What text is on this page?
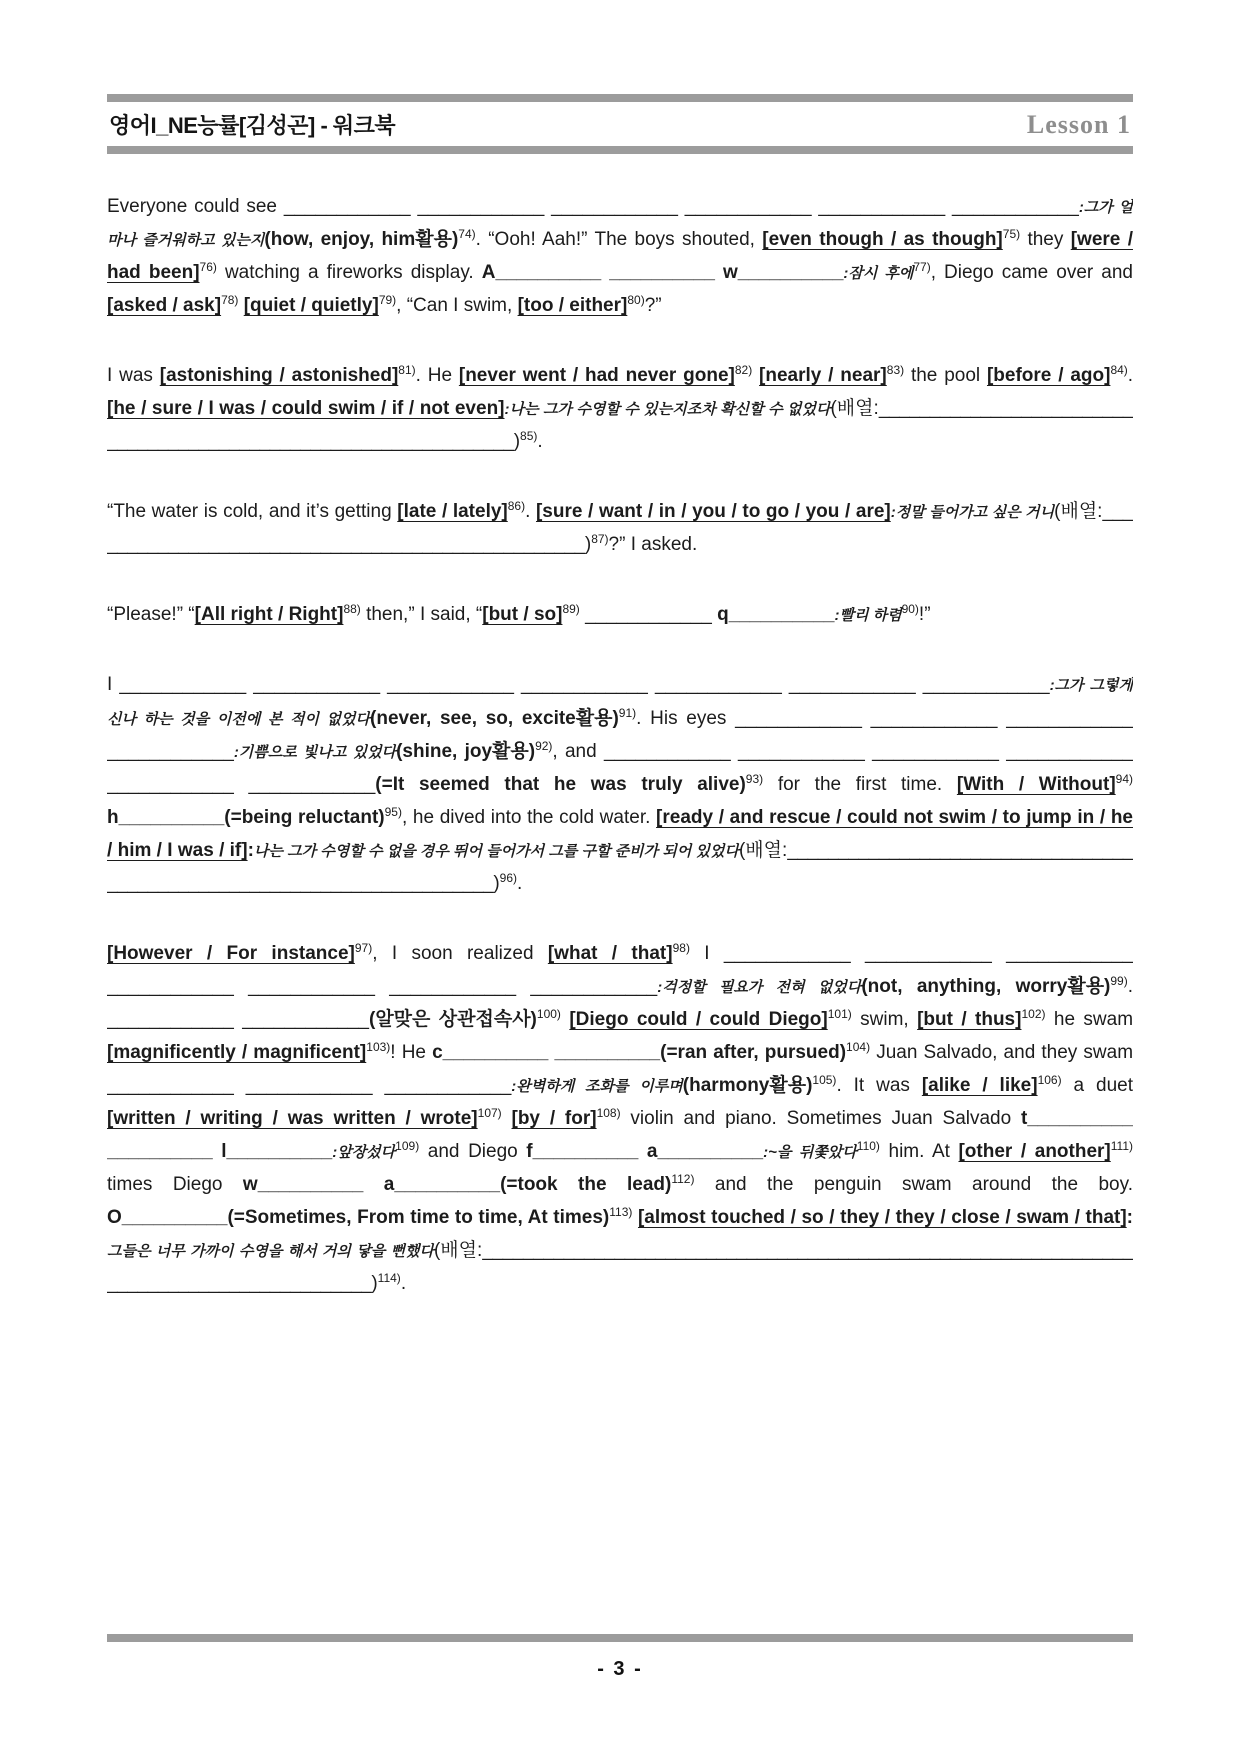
영어I_NE능률[김성곤] - 워크북	Lesson 1

Everyone could see ____________ ____________ ____________ ____________ ____________ ____________:그가 얼마나 즐거워하고 있는지(how, enjoy, him활용)$^{74)}$. “Ooh! Aah!” The boys shouted, [even though / as though]$^{75)}$ they [were / had been]$^{76)}$ watching a fireworks display. A__________ __________ w__________:잠시 후에$^{77)}$, Diego came over and [asked / ask]$^{78)}$ [quiet / quietly]$^{79)}$, “Can I swim, [too / either]$^{80)}$?”

I was [astonishing / astonished]$^{81)}$. He [never went / had never gone]$^{82)}$ [nearly / near]$^{83)}$ the pool [before / ago]$^{84)}$. [he / sure / I was / could swim / if / not even]:나는 그가 수영할 수 있는지조차 확신할 수 없었다(배열:_________________________________________________________________)$^{85)}$.

“The water is cold, and it’s getting [late / lately]$^{86)}$. [sure / want / in / you / to go / you / are]:정말 들어가고 싶은 거니(배열:__________________________________________________)$^{87)}$?” I asked.

“Please!” “[All right / Right]$^{88)}$ then,” I said, “[but / so]$^{89)}$ ____________ q__________:빨리 하렴$^{90)}$!”

I ____________ ____________ ____________ ____________ ____________ ____________ ____________:그가 그렇게 신나 하는 것을 이전에 본 적이 없었다(never, see, so, excite활용)$^{91)}$. His eyes ____________ ____________ ____________ ____________:기쁨으로 빛나고 있었다(shine, joy활용)$^{92)}$, and ____________ ____________ ____________ ____________ ____________ ____________(=It seemed that he was truly alive)$^{93)}$ for the first time. [With / Without]$^{94)}$ h__________(=being reluctant)$^{95)}$, he dived into the cold water. [ready / and rescue / could not swim / to jump in / he / him / I was / if]:나는 그가 수영할 수 없을 경우 뛰어 들어가서 그를 구할 준비가 되어 있었다(배열:________________________________________________________________________)$^{96)}$.

[However / For instance]$^{97)}$, I soon realized [what / that]$^{98)}$ I ____________ ____________ ____________ ____________ ____________ ____________ ____________:걱정할 필요가 전혀 없었다(not, anything, worry활용)$^{99)}$. ____________ ____________(알맞은 상관접속사)$^{100)}$ [Diego could / could Diego]$^{101)}$ swim, [but / thus]$^{102)}$ he swam [magnificently / magnificent]$^{103)}$! He c__________ __________(=ran after, pursued)$^{104)}$ Juan Salvado, and they swam ____________ ____________ ____________:완벽하게 조화를 이루며(harmony활용)$^{105)}$. It was [alike / like]$^{106)}$ a duet [written / writing / was written / wrote]$^{107)}$ [by / for]$^{108)}$ violin and piano. Sometimes Juan Salvado t__________ __________ l__________:앞장섰다$^{109)}$ and Diego f__________ a__________:~을 뒤쫓았다$^{110)}$ him. At [other / another]$^{111)}$ times Diego w__________ a__________(=took the lead)$^{112)}$ and the penguin swam around the boy. O__________(=Sometimes, From time to time, At times)$^{113)}$ [almost touched / so / they / they / close / swam / that]:그들은 너무 가까이 수영을 해서 거의 닿을 뻔했다(배열:__________________________________________________________________________________________)$^{114)}$.

- 3 -
